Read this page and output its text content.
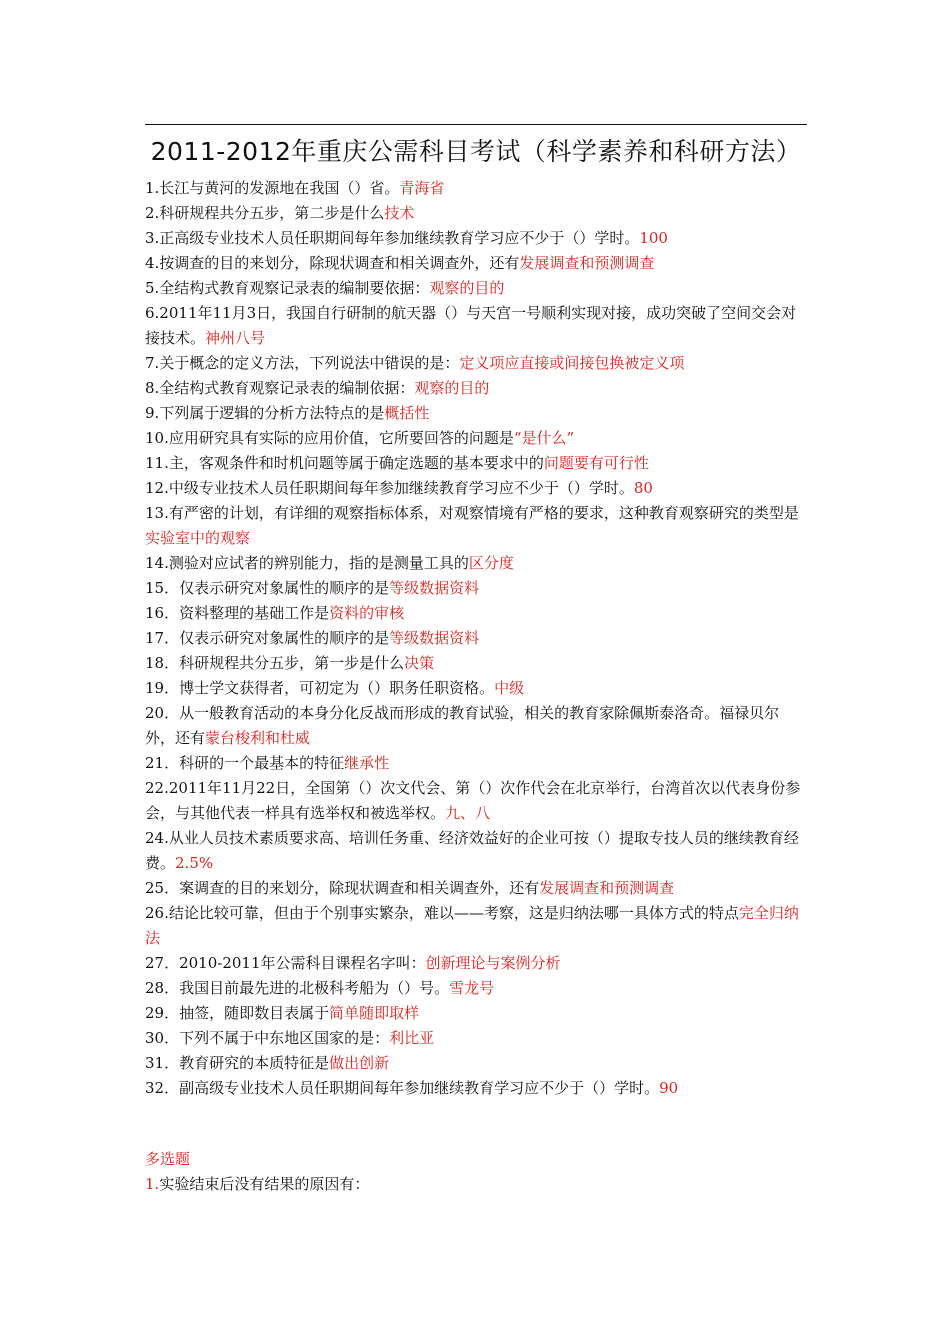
2011-2012年重庆公需科目考试（科学素养和科研方法）
1.长江与黄河的发源地在我国（）省。青海省
2.科研规程共分五步，第二步是什么技术
3.正高级专业技术人员任职期间每年参加继续教育学习应不少于（）学时。100
4.按调查的目的来划分，除现状调查和相关调查外，还有发展调查和预测调查
5.全结构式教育观察记录表的编制要依据：观察的目的
6.2011年11月3日，我国自行研制的航天器（）与天宫一号顺利实现对接，成功突破了空间交会对接技术。神州八号
7.关于概念的定义方法，下列说法中错误的是：定义项应直接或间接包换被定义项
8.全结构式教育观察记录表的编制依据：观察的目的
9.下列属于逻辑的分析方法特点的是概括性
10.应用研究具有实际的应用价值，它所要回答的问题是“是什么”
11.主，客观条件和时机问题等属于确定选题的基本要求中的问题要有可行性
12.中级专业技术人员任职期间每年参加继续教育学习应不少于（）学时。80
13.有严密的计划，有详细的观察指标体系，对观察情境有严格的要求，这种教育观察研究的类型是实验室中的观察
14.测验对应试者的辨别能力，指的是测量工具的区分度
15．仅表示研究对象属性的顺序的是等级数据资料
16．资料整理的基础工作是资料的审核
17．仅表示研究对象属性的顺序的是等级数据资料
18．科研规程共分五步，第一步是什么决策
19．博士学文获得者，可初定为（）职务任职资格。中级
20．从一般教育活动的本身分化反战而形成的教育试验，相关的教育家除佩斯泰洛奇。福禄贝尔外，还有蒙台梭利和杜威
21．科研的一个最基本的特征继承性
22.2011年11月22日，全国第（）次文代会、第（）次作代会在北京举行，台湾首次以代表身份参会，与其他代表一样具有选举权和被选举权。九、八
24.从业人员技术素质要求高、培训任务重、经济效益好的企业可按（）提取专技人员的继续教育经费。2.5%
25．案调查的目的来划分，除现状调查和相关调查外，还有发展调查和预测调查
26.结论比较可靠，但由于个别事实繁杂，难以——考察，这是归纳法哪一具体方式的特点完全归纳法
27．2010-2011年公需科目课程名字叫：创新理论与案例分析
28．我国目前最先进的北极科考船为（）号。雪龙号
29．抽签，随即数目表属于简单随即取样
30．下列不属于中东地区国家的是：利比亚
31．教育研究的本质特征是做出创新
32．副高级专业技术人员任职期间每年参加继续教育学习应不少于（）学时。90
多选题
1.实验结束后没有结果的原因有：
